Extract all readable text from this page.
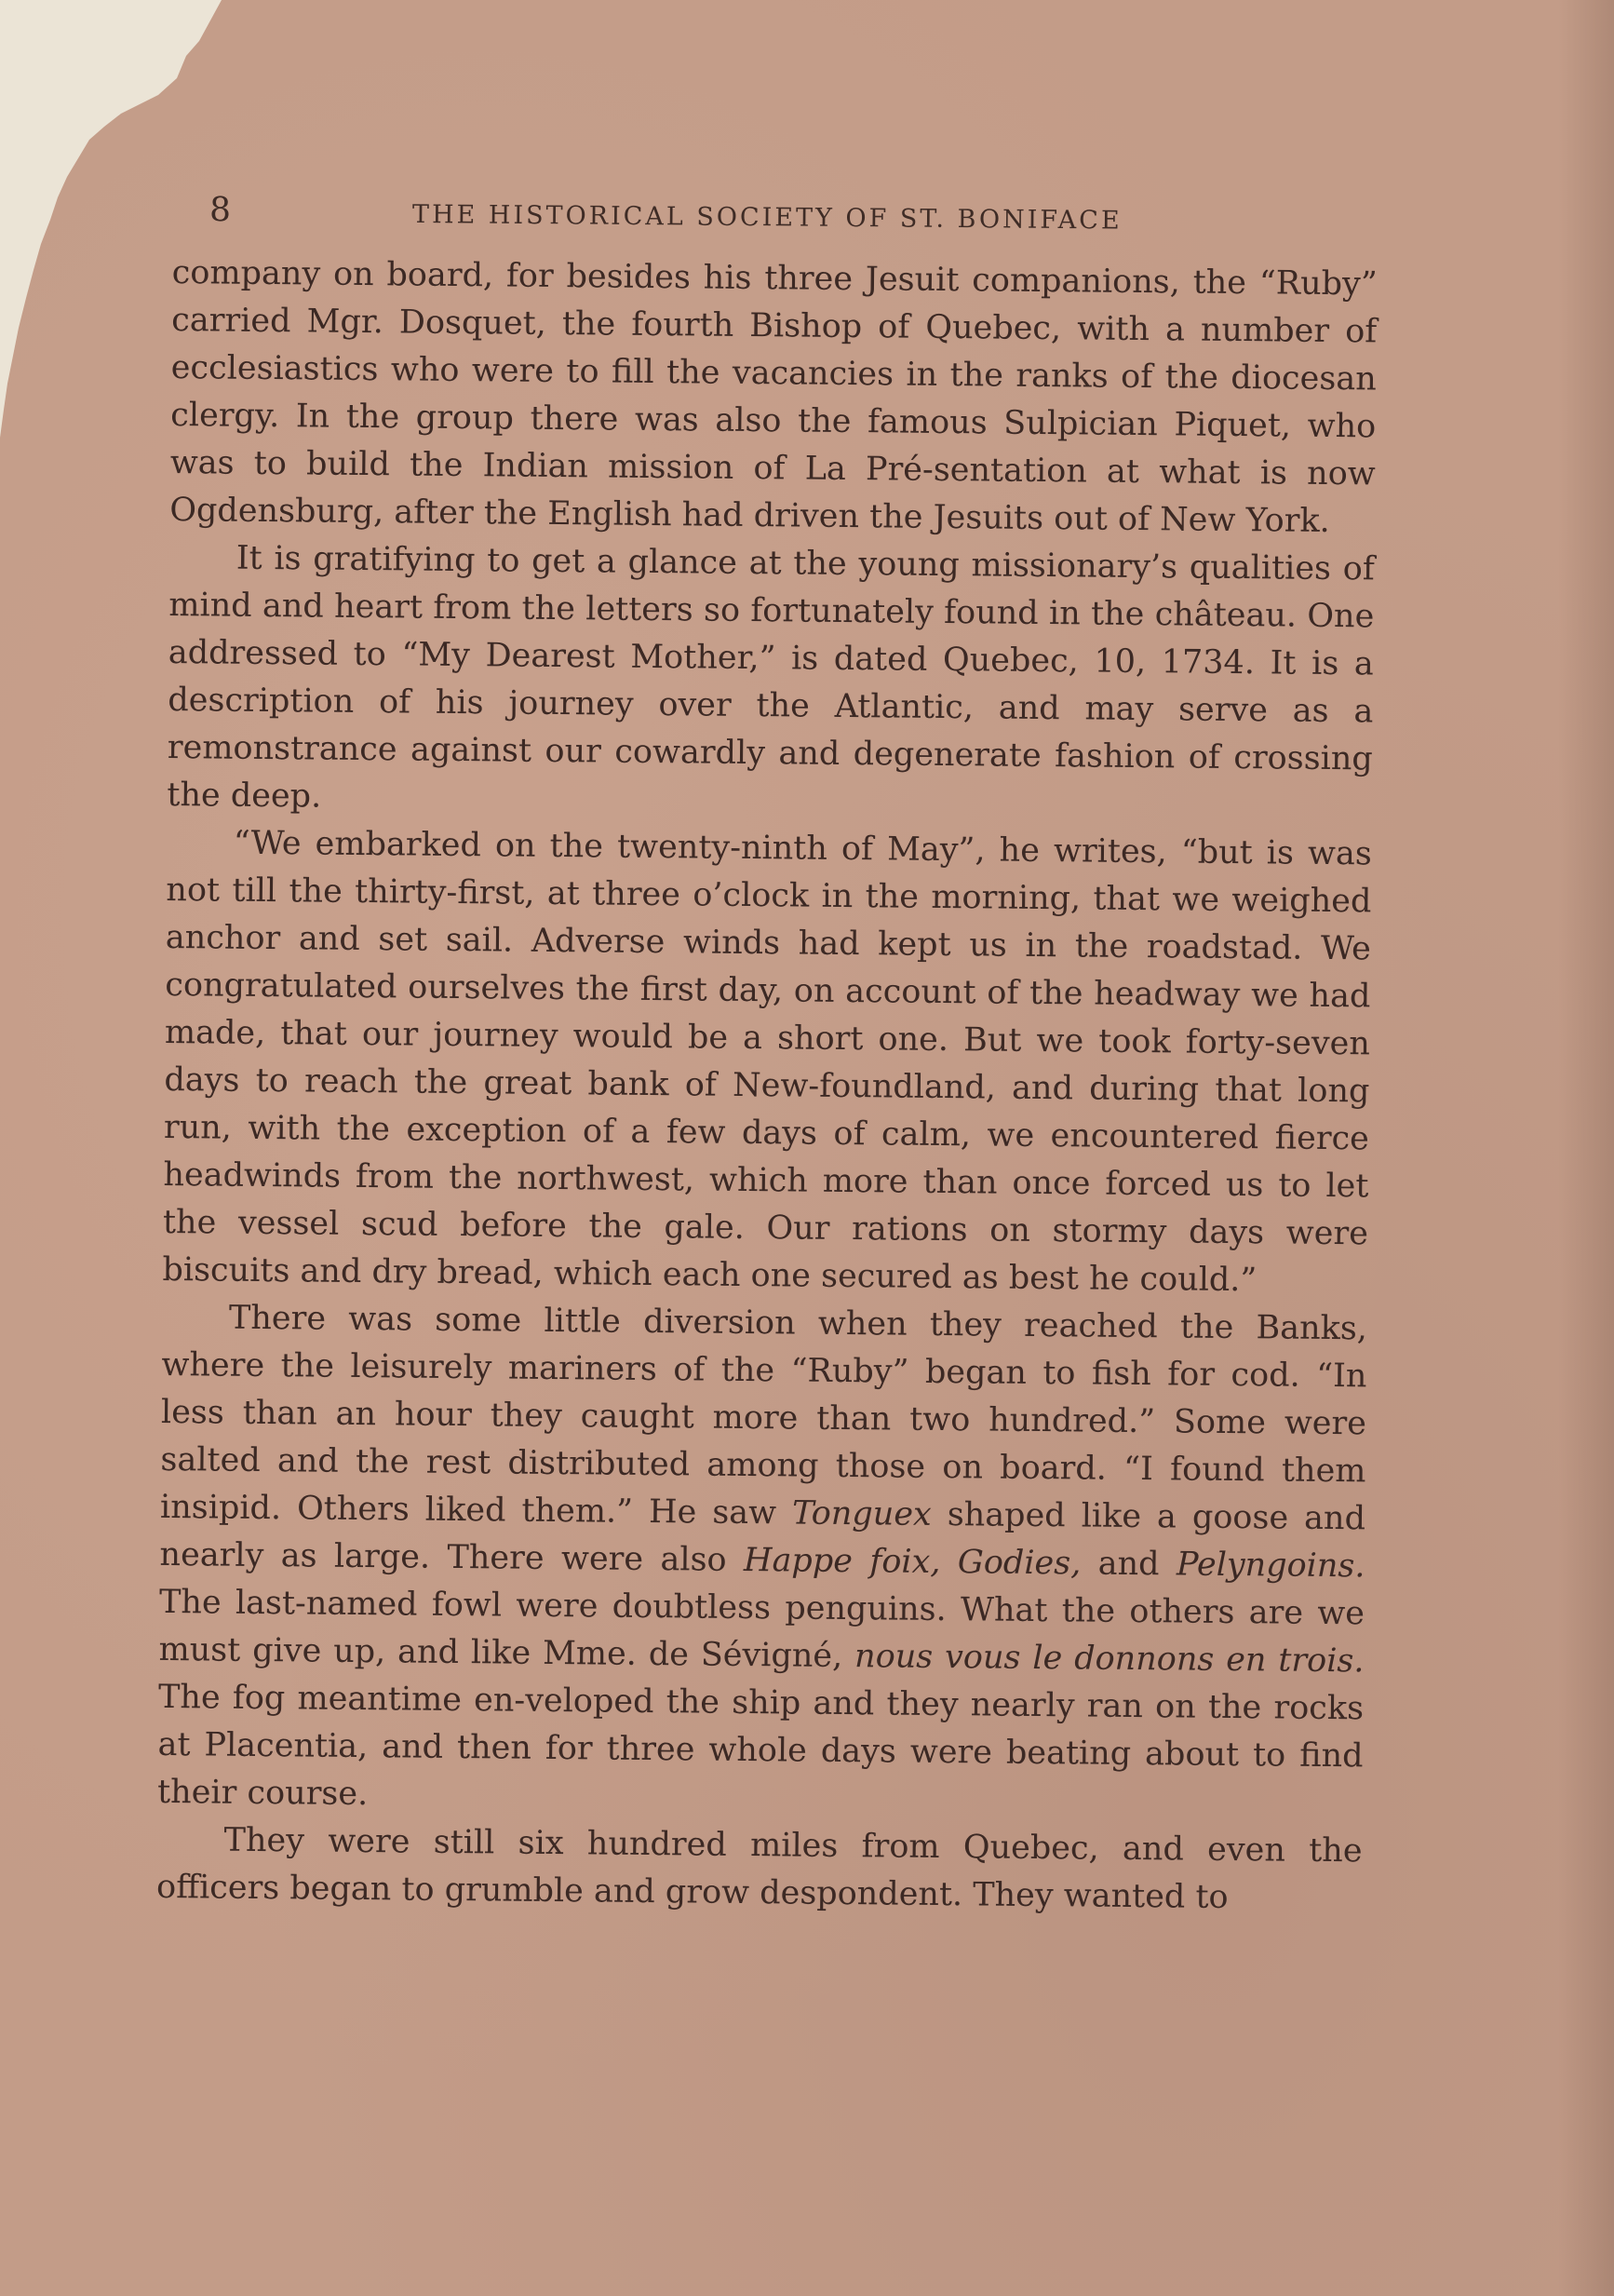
8	THE HISTORICAL SOCIETY OF ST. BONIFACE

company on board, for besides his three Jesuit companions, the “Ruby” carried Mgr. Dosquet, the fourth Bishop of Quebec, with a number of ecclesiastics who were to fill the vacancies in the ranks of the diocesan clergy. In the group there was also the famous Sulpician Piquet, who was to build the Indian mission of La Pré-sentation at what is now Ogdensburg, after the English had driven the Jesuits out of New York.

It is gratifying to get a glance at the young missionary’s qualities of mind and heart from the letters so fortunately found in the château. One addressed to “My Dearest Mother,” is dated Quebec, 10, 1734. It is a description of his journey over the Atlantic, and may serve as a remonstrance against our cowardly and degenerate fashion of crossing the deep.

“We embarked on the twenty-ninth of May”, he writes, “but is was not till the thirty-first, at three o’clock in the morning, that we weighed anchor and set sail. Adverse winds had kept us in the roadstad. We congratulated ourselves the first day, on account of the headway we had made, that our journey would be a short one. But we took forty-seven days to reach the great bank of New-foundland, and during that long run, with the exception of a few days of calm, we encountered fierce headwinds from the northwest, which more than once forced us to let the vessel scud before the gale. Our rations on stormy days were biscuits and dry bread, which each one secured as best he could.”

There was some little diversion when they reached the Banks, where the leisurely mariners of the “Ruby” began to fish for cod. “In less than an hour they caught more than two hundred.” Some were salted and the rest distributed among those on board. “I found them insipid. Others liked them.” He saw Tonguex shaped like a goose and nearly as large. There were also Happe foix, Godies, and Pelyngoins. The last-named fowl were doubtless penguins. What the others are we must give up, and like Mme. de Sévigné, nous vous le donnons en trois. The fog meantime en-veloped the ship and they nearly ran on the rocks at Placentia, and then for three whole days were beating about to find their course.

They were still six hundred miles from Quebec, and even the officers began to grumble and grow despondent. They wanted to
